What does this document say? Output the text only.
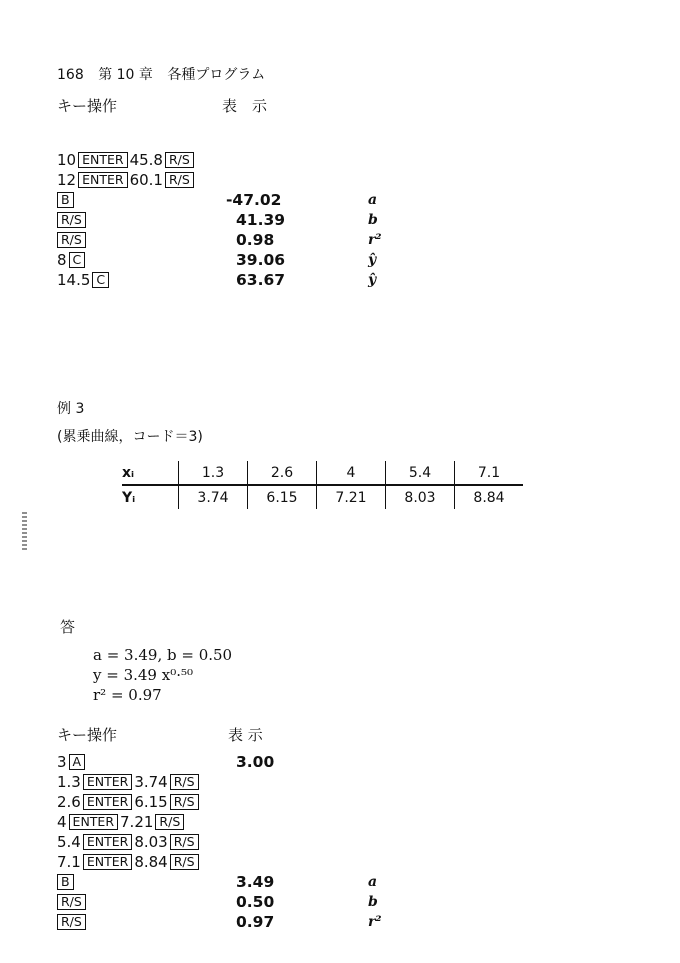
168 第 10 章 各種プログラム
キー操作	表　示
10 ENTER 45.8 R/S
12 ENTER 60.1 R/S
B	-47.02	a
R/S	41.39	b
R/S	0.98	r²
8 C	39.06	ŷ
14.5 C	63.67	ŷ
例 3
(累乗曲線，コード＝3)
xᵢ	1.3	2.6	4	5.4	7.1
Yᵢ	3.74	6.15	7.21	8.03	8.84
答
a = 3.49, b = 0.50
y = 3.49 x⁰·⁵⁰
r² = 0.97
キー操作	表 示
3 A	3.00
1.3 ENTER 3.74 R/S
2.6 ENTER 6.15 R/S
4 ENTER 7.21 R/S
5.4 ENTER 8.03 R/S
7.1 ENTER 8.84 R/S
B	3.49	a
R/S	0.50	b
R/S	0.97	r²
